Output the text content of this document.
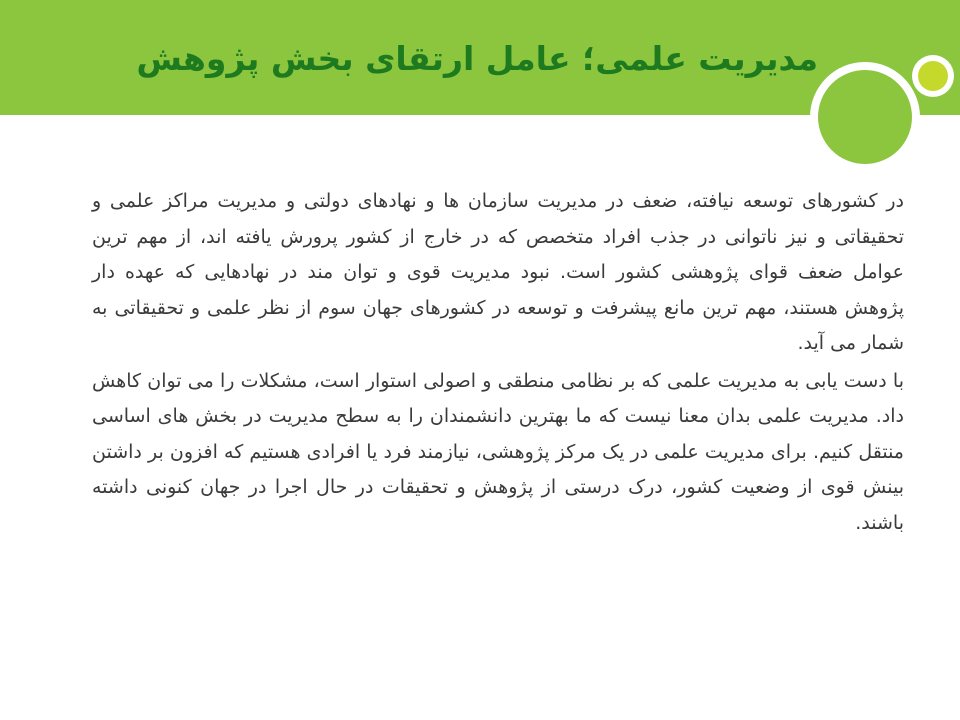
مدیریت علمی؛ عامل ارتقای بخش پژوهش

در کشورهای توسعه نیافته، ضعف در مدیریت سازمان ها و نهادهای دولتی و مدیریت مراکز علمی و تحقیقاتی و نیز ناتوانی در جذب افراد متخصص که در خارج از کشور پرورش یافته اند، از مهم ترین عوامل ضعف قوای پژوهشی کشور است. نبود مدیریت قوی و توان مند در نهادهایی که عهده دار پژوهش هستند، مهم ترین مانع پیشرفت و توسعه در کشورهای جهان سوم از نظر علمی و تحقیقاتی به شمار می آید.

با دست یابی به مدیریت علمی که بر نظامی منطقی و اصولی استوار است، مشکلات را می توان کاهش داد. مدیریت علمی بدان معنا نیست که ما بهترین دانشمندان را به سطح مدیریت در بخش های اساسی منتقل کنیم. برای مدیریت علمی در یک مرکز پژوهشی، نیازمند فرد یا افرادی هستیم که افزون بر داشتن بینش قوی از وضعیت کشور، درک درستی از پژوهش و تحقیقات در حال اجرا در جهان کنونی داشته باشند.
